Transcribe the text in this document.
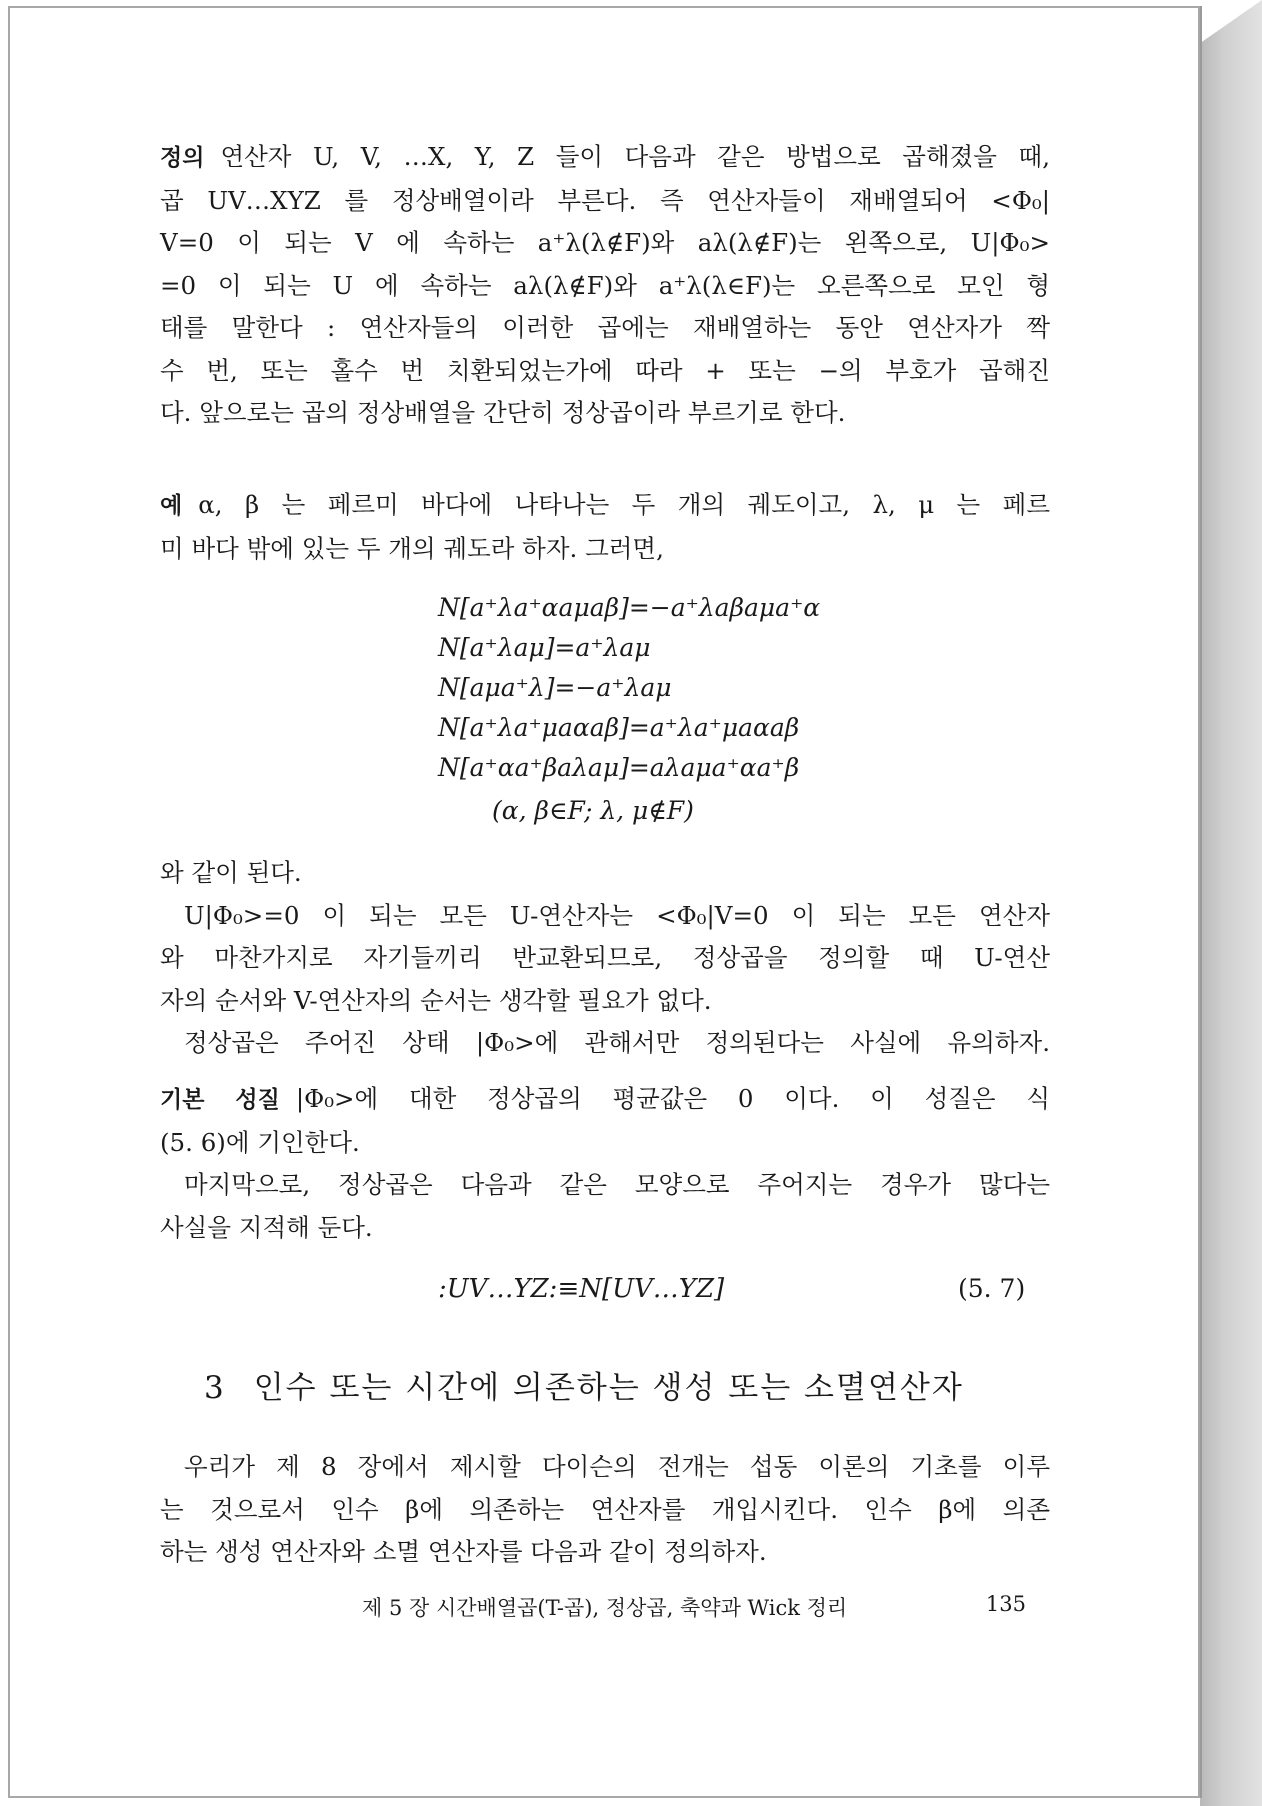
정의 연산자 U, V, …X, Y, Z 들이 다음과 같은 방법으로 곱해졌을 때,

곱 UV…XYZ 를 정상배열이라 부른다. 즉 연산자들이 재배열되어 <Φ₀|

V=0 이 되는 V 에 속하는 a⁺λ(λ∉F)와 aλ(λ∉F)는 왼쪽으로, U|Φ₀>

=0 이 되는 U 에 속하는 aλ(λ∉F)와 a⁺λ(λ∈F)는 오른쪽으로 모인 형

태를 말한다 : 연산자들의 이러한 곱에는 재배열하는 동안 연산자가 짝

수 번, 또는 홀수 번 치환되었는가에 따라 + 또는 −의 부호가 곱해진

다. 앞으로는 곱의 정상배열을 간단히 정상곱이라 부르기로 한다.

예 α, β 는 페르미 바다에 나타나는 두 개의 궤도이고, λ, μ 는 페르

미 바다 밖에 있는 두 개의 궤도라 하자. 그러면,

N[a⁺λa⁺αaμaβ]=−a⁺λaβaμa⁺α
N[a⁺λaμ]=a⁺λaμ
N[aμa⁺λ]=−a⁺λaμ
N[a⁺λa⁺μaαaβ]=a⁺λa⁺μaαaβ
N[a⁺αa⁺βaλaμ]=aλaμa⁺αa⁺β
(α, β∈F; λ, μ∉F)

와 같이 된다.

U|Φ₀>=0 이 되는 모든 U-연산자는 <Φ₀|V=0 이 되는 모든 연산자

와 마찬가지로 자기들끼리 반교환되므로, 정상곱을 정의할 때 U-연산

자의 순서와 V-연산자의 순서는 생각할 필요가 없다.

정상곱은 주어진 상태 |Φ₀>에 관해서만 정의된다는 사실에 유의하자.

기본 성질 |Φ₀>에 대한 정상곱의 평균값은 0 이다. 이 성질은 식

(5. 6)에 기인한다.

마지막으로, 정상곱은 다음과 같은 모양으로 주어지는 경우가 많다는

사실을 지적해 둔다.

:UV…YZ:≡N[UV…YZ]	(5. 7)
3 인수 또는 시간에 의존하는 생성 또는 소멸연산자

우리가 제 8 장에서 제시할 다이슨의 전개는 섭동 이론의 기초를 이루

는 것으로서 인수 β에 의존하는 연산자를 개입시킨다. 인수 β에 의존

하는 생성 연산자와 소멸 연산자를 다음과 같이 정의하자.

제 5 장 시간배열곱(T-곱), 정상곱, 축약과 Wick 정리	135
